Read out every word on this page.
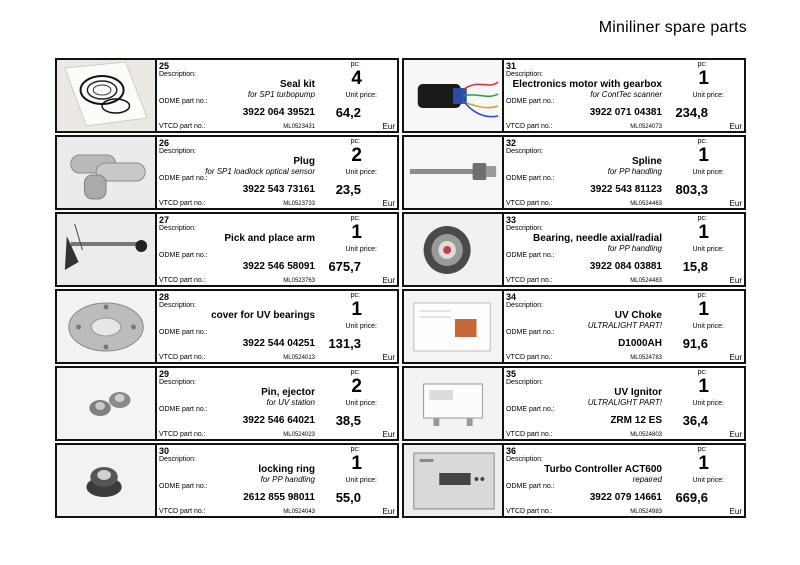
Miniliner spare parts
25
Description:
Seal kit
for SP1 turbopump
ODME part no.:
3922 064 39521
VTCD part no.:	ML0523431
pc:
4
Unit price:
64,2
Eur
31
Description:
Electronics motor with gearbox
for ContTec scanner
ODME part no.:
3922 071 04381
VTCD part no.:	ML0524073
pc:
1
Unit price:
234,8
Eur
26
Description:
Plug
for SP1 loadlock optical sensor
ODME part no.:
3922 543 73161
VTCD part no.:	ML0523733
pc:
2
Unit price:
23,5
Eur
32
Description:
Spline
for PP handling
ODME part no.:
3922 543 81123
VTCD part no.:	ML0524463
pc:
1
Unit price:
803,3
Eur
27
Description:
Pick and place arm
ODME part no.:
3922 546 58091
VTCD part no.:	ML0523763
pc:
1
Unit price:
675,7
Eur
33
Description:
Bearing, needle axial/radial
for PP handling
ODME part no.:
3922 084 03881
VTCD part no.:	ML0524483
pc:
1
Unit price:
15,8
Eur
28
Description:
cover for UV bearings
ODME part no.:
3922 544 04251
VTCD part no.:	ML0524013
pc:
1
Unit price:
131,3
Eur
34
Description:
UV Choke
ULTRALIGHT PART!
ODME part no.:
D1000AH
VTCD part no.:	ML0524783
pc:
1
Unit price:
91,6
Eur
29
Description:
Pin, ejector
for UV station
ODME part no.:
3922 546 64021
VTCD part no.:	ML0524023
pc:
2
Unit price:
38,5
Eur
35
Description:
UV Ignitor
ULTRALIGHT PART!
ODME part no.:
ZRM 12 ES
VTCD part no.:	ML0524803
pc:
1
Unit price:
36,4
Eur
30
Description:
locking ring
for PP handling
ODME part no.:
2612 855 98011
VTCD part no.:	ML0524043
pc:
1
Unit price:
55,0
Eur
36
Description:
Turbo Controller ACT600
repaired
ODME part no.:
3922 079 14661
VTCD part no.:	ML0524983
pc:
1
Unit price:
669,6
Eur
